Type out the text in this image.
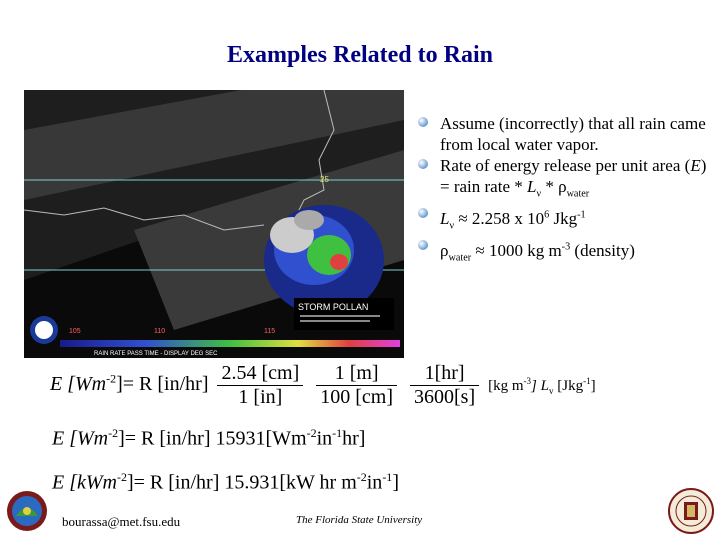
Examples Related to Rain
25
STORM POLLAN
105	110	115
RAIN RATE PASS TIME - DISPLAY DEG SEC
Assume (incorrectly) that all rain came from local water vapor.
Rate of energy release per unit area (E) = rain rate * $L_\nu * \rho_{water}$
$L_\nu \approx 2.258$ x $10^6$ Jkg$^{-1}$
$\rho_{water} \approx 1000$ kg $m^{-3}$ (density)
E $[Wm^{-2}]= R$ $[in/hr] \frac{2.54 [cm]}{1 [in]}$
$\frac{1 [m]}{100 [cm]}$
$\frac{1[hr]}{3600[s]} [kg$ $m^{-3}$] $L_v$ [Jkg$^{-1}$]
E $[Wm^{-2}]= R$ [in/hr] $15931[Wm^{-2}in^{-1}hr]$
E [kWm$^{-2}$]= R [in/hr] 15.931[kW hr $m^{-2}in^{-1}$]
bourassa@met.fsu.edu	The Florida State University
